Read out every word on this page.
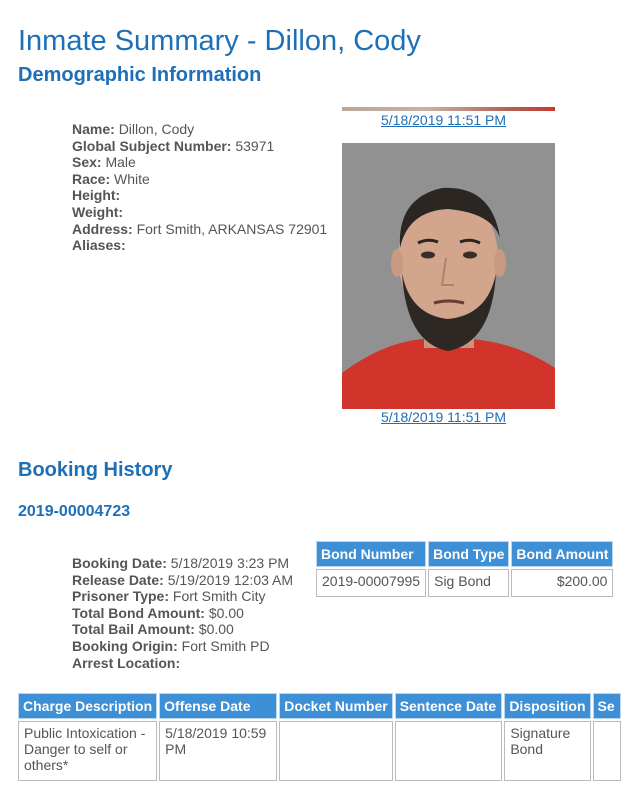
Inmate Summary - Dillon, Cody
Demographic Information
Name: Dillon, Cody
Global Subject Number: 53971
Sex: Male
Race: White
Height:
Weight:
Address: Fort Smith, ARKANSAS 72901
Aliases:
5/18/2019 11:51 PM
5/18/2019 11:51 PM
Booking History
2019-00004723
Booking Date: 5/18/2019 3:23 PM
Release Date: 5/19/2019 12:03 AM
Prisoner Type: Fort Smith City
Total Bond Amount: $0.00
Total Bail Amount: $0.00
Booking Origin: Fort Smith PD
Arrest Location:
Bond Number	Bond Type	Bond Amount
2019-00007995	Sig Bond	$200.00
Charge Description	Offense Date	Docket Number	Sentence Date	Disposition	Se
Public Intoxication - Danger to self or others*	5/18/2019 10:59 PM			Signature Bond	
